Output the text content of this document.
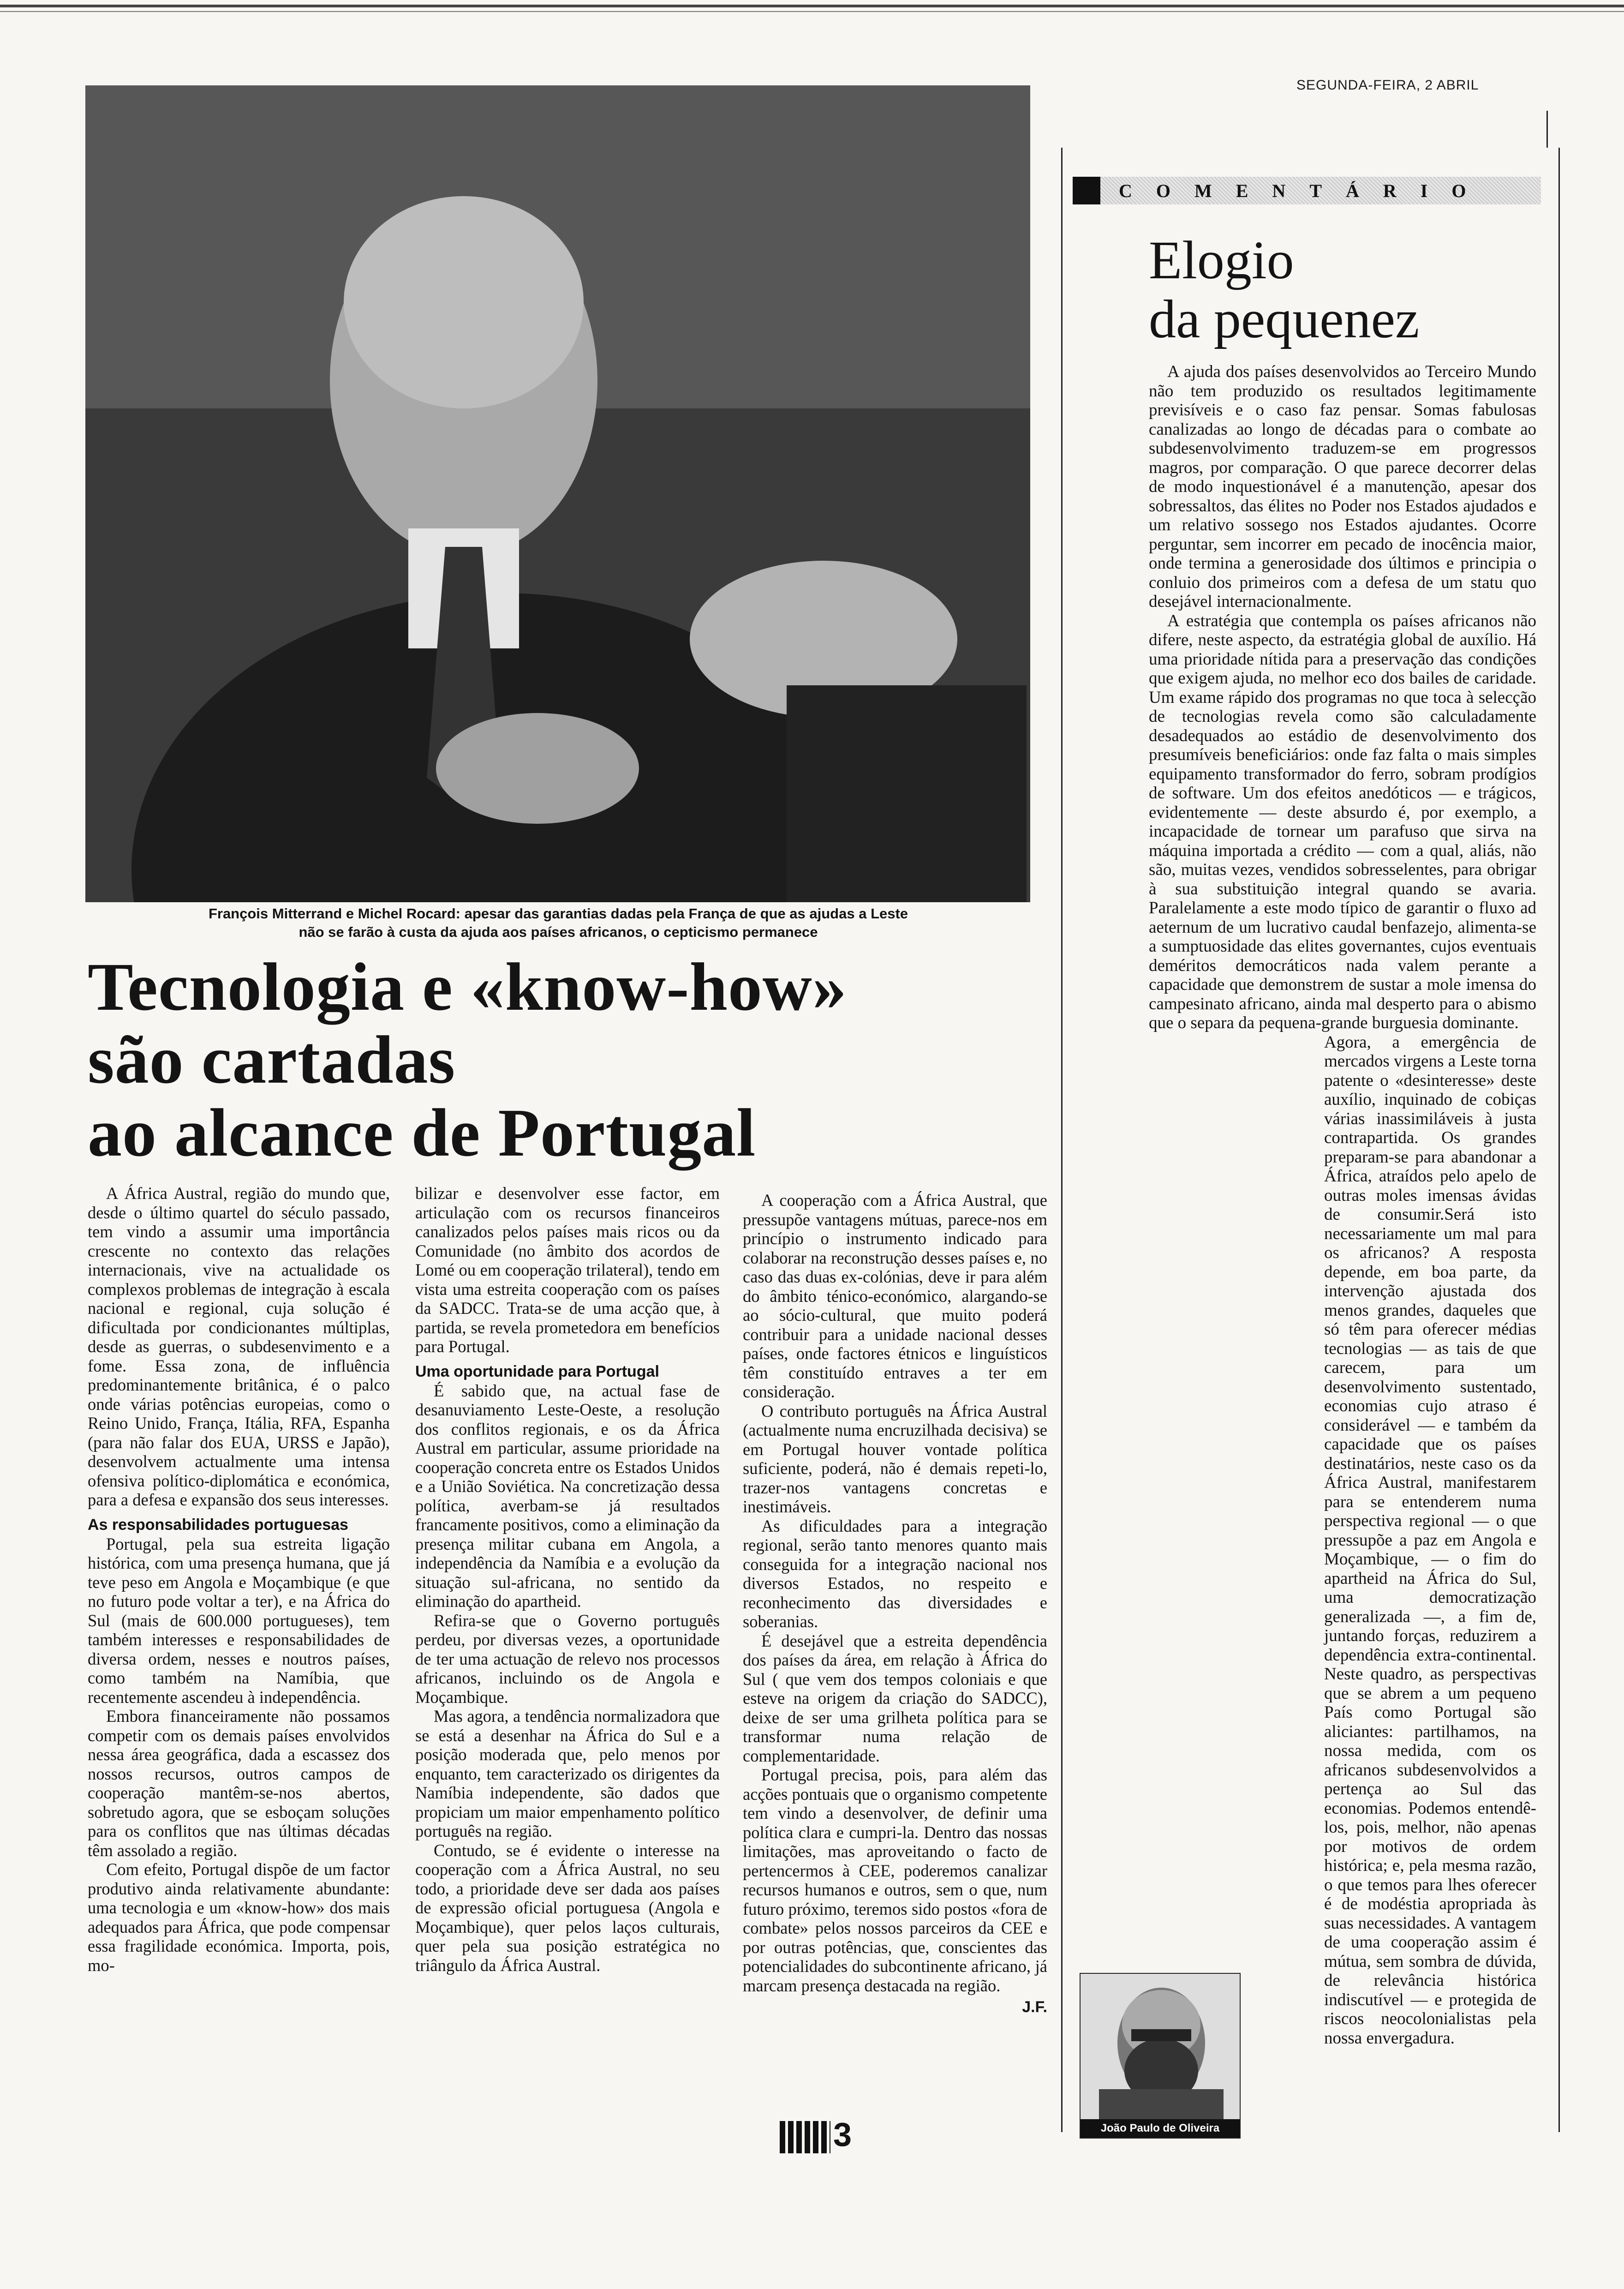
SEGUNDA-FEIRA, 2 ABRIL
François Mitterrand e Michel Rocard: apesar das garantias dadas pela França de que as ajudas a Leste
não se farão à custa da ajuda aos países africanos, o cepticismo permanece
Tecnologia e «know-how»
são cartadas
ao alcance de Portugal

A África Austral, região do mundo que, desde o último quartel do século passado, tem vindo a assumir uma importância crescente no contexto das relações internacionais, vive na actualidade os complexos problemas de integração à escala nacional e regional, cuja solução é dificultada por condicionantes múltiplas, desde as guerras, o subdesenvimento e a fome. Essa zona, de influência predominantemente britânica, é o palco onde várias potências europeias, como o Reino Unido, França, Itália, RFA, Espanha (para não falar dos EUA, URSS e Japão), desenvolvem actualmente uma intensa ofensiva político-diplomática e económica, para a defesa e expansão dos seus interesses.

As responsabilidades portuguesas

Portugal, pela sua estreita ligação histórica, com uma presença humana, que já teve peso em Angola e Moçambique (e que no futuro pode voltar a ter), e na África do Sul (mais de 600.000 portugueses), tem também interesses e responsabilidades de diversa ordem, nesses e noutros países, como também na Namíbia, que recentemente ascendeu à independência.

Embora financeiramente não possamos competir com os demais países envolvidos nessa área geográfica, dada a escassez dos nossos recursos, outros campos de cooperação mantêm-se-nos abertos, sobretudo agora, que se esboçam soluções para os conflitos que nas últimas décadas têm assolado a região.

Com efeito, Portugal dispõe de um factor produtivo ainda relativamente abundante: uma tecnologia e um «know-how» dos mais adequados para África, que pode compensar essa fragilidade económica. Importa, pois, mo-

bilizar e desenvolver esse factor, em articulação com os recursos financeiros canalizados pelos países mais ricos ou da Comunidade (no âmbito dos acordos de Lomé ou em cooperação trilateral), tendo em vista uma estreita cooperação com os países da SADCC. Trata-se de uma acção que, à partida, se revela prometedora em benefícios para Portugal.

Uma oportunidade para Portugal

É sabido que, na actual fase de desanuviamento Leste-Oeste, a resolução dos conflitos regionais, e os da África Austral em particular, assume prioridade na cooperação concreta entre os Estados Unidos e a União Soviética. Na concretização dessa política, averbam-se já resultados francamente positivos, como a eliminação da presença militar cubana em Angola, a independência da Namíbia e a evolução da situação sul-africana, no sentido da eliminação do apartheid.

Refira-se que o Governo português perdeu, por diversas vezes, a oportunidade de ter uma actuação de relevo nos processos africanos, incluindo os de Angola e Moçambique.

Mas agora, a tendência normalizadora que se está a desenhar na África do Sul e a posição moderada que, pelo menos por enquanto, tem caracterizado os dirigentes da Namíbia independente, são dados que propiciam um maior empenhamento político português na região.

Contudo, se é evidente o interesse na cooperação com a África Austral, no seu todo, a prioridade deve ser dada aos países de expressão oficial portuguesa (Angola e Moçambique), quer pelos laços culturais, quer pela sua posição estratégica no triângulo da África Austral.

A cooperação com a África Austral, que pressupõe vantagens mútuas, parece-nos em princípio o instrumento indicado para colaborar na reconstrução desses países e, no caso das duas ex-colónias, deve ir para além do âmbito ténico-económico, alargando-se ao sócio-cultural, que muito poderá contribuir para a unidade nacional desses países, onde factores étnicos e linguísticos têm constituído entraves a ter em consideração.

O contributo português na África Austral (actualmente numa encruzilhada decisiva) se em Portugal houver vontade política suficiente, poderá, não é demais repeti-lo, trazer-nos vantagens concretas e inestimáveis.

As dificuldades para a integração regional, serão tanto menores quanto mais conseguida for a integração nacional nos diversos Estados, no respeito e reconhecimento das diversidades e soberanias.

É desejável que a estreita dependência dos países da área, em relação à África do Sul ( que vem dos tempos coloniais e que esteve na origem da criação do SADCC), deixe de ser uma grilheta política para se transformar numa relação de complementaridade.

Portugal precisa, pois, para além das acções pontuais que o organismo competente tem vindo a desenvolver, de definir uma política clara e cumpri-la. Dentro das nossas limitações, mas aproveitando o facto de pertencermos à CEE, poderemos canalizar recursos humanos e outros, sem o que, num futuro próximo, teremos sido postos «fora de combate» pelos nossos parceiros da CEE e por outras potências, que, conscientes das potencialidades do subcontinente africano, já marcam presença destacada na região.

J.F.
COMENTÁRIO
Elogio
da pequenez

A ajuda dos países desenvolvidos ao Terceiro Mundo não tem produzido os resultados legitimamente previsíveis e o caso faz pensar. Somas fabulosas canalizadas ao longo de décadas para o combate ao subdesenvolvimento traduzem-se em progressos magros, por comparação. O que parece decorrer delas de modo inquestionável é a manutenção, apesar dos sobressaltos, das élites no Poder nos Estados ajudados e um relativo sossego nos Estados ajudantes. Ocorre perguntar, sem incorrer em pecado de inocência maior, onde termina a generosidade dos últimos e principia o conluio dos primeiros com a defesa de um statu quo desejável internacionalmente.

A estratégia que contempla os países africanos não difere, neste aspecto, da estratégia global de auxílio. Há uma prioridade nítida para a preservação das condições que exigem ajuda, no melhor eco dos bailes de caridade. Um exame rápido dos programas no que toca à selecção de tecnologias revela como são calculadamente desadequados ao estádio de desenvolvimento dos presumíveis beneficiários: onde faz falta o mais simples equipamento transformador do ferro, sobram prodígios de software. Um dos efeitos anedóticos — e trágicos, evidentemente — deste absurdo é, por exemplo, a incapacidade de tornear um parafuso que sirva na máquina importada a crédito — com a qual, aliás, não são, muitas vezes, vendidos sobresselentes, para obrigar à sua substituição integral quando se avaria. Paralelamente a este modo típico de garantir o fluxo ad aeternum de um lucrativo caudal benfazejo, alimenta-se a sumptuosidade das elites governantes, cujos eventuais deméritos democráticos nada valem perante a capacidade que demonstrem de sustar a mole imensa do campesinato africano, ainda mal desperto para o abismo que o separa da pequena-grande burguesia dominante.

Agora, a emergência de mercados virgens a Leste torna patente o «desinteresse» deste auxílio, inquinado de cobiças várias inassimiláveis à justa contrapartida. Os grandes preparam-se para abandonar a África, atraídos pelo apelo de outras moles imensas ávidas de consumir.Será isto necessariamente um mal para os africanos? A resposta depende, em boa parte, da intervenção ajustada dos menos grandes, daqueles que só têm para oferecer médias tecnologias — as tais de que carecem, para um desenvolvimento sustentado, economias cujo atraso é considerável — e também da capacidade que os países destinatários, neste caso os da África Austral, manifestarem para se entenderem numa perspectiva regional — o que pressupõe a paz em Angola e Moçambique, — o fim do apartheid na África do Sul, uma democratização generalizada —, a fim de, juntando forças, reduzirem a dependência extra-continental. Neste quadro, as perspectivas que se abrem a um pequeno País como Portugal são aliciantes: partilhamos, na nossa medida, com os africanos subdesenvolvidos a pertença ao Sul das economias. Podemos entendê-los, pois, melhor, não apenas por motivos de ordem histórica; e, pela mesma razão, o que temos para lhes oferecer é de modéstia apropriada às suas necessidades. A vantagem de uma cooperação assim é mútua, sem sombra de dúvida, de relevância histórica indiscutível — e protegida de riscos neocolonialistas pela nossa envergadura.

João Paulo de Oliveira
3
